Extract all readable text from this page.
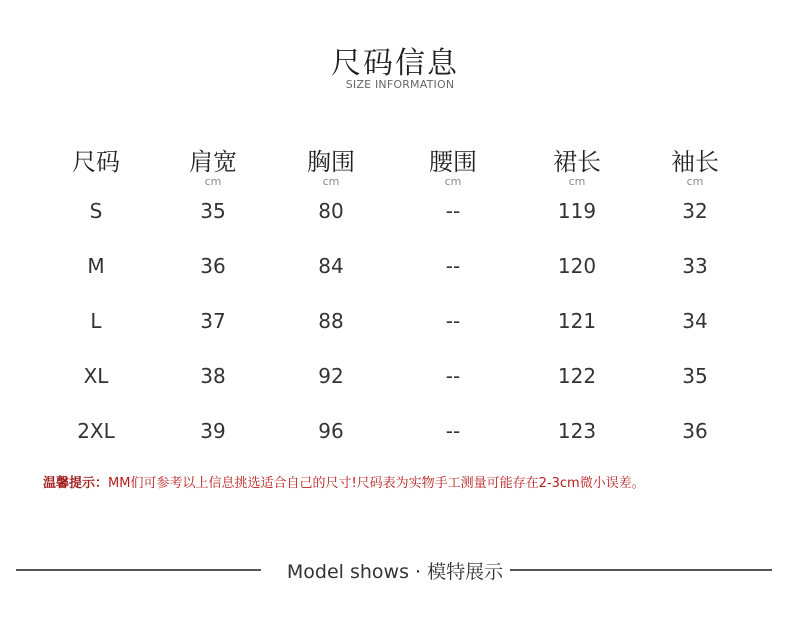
尺码信息
SIZE INFORMATION
尺码	肩宽	胸围	腰围	裙长	袖长
cm	cm	cm	cm	cm
S	35	80	--	119	32
M	36	84	--	120	33
L	37	88	--	121	34
XL	38	92	--	122	35
2XL	39	96	--	123	36
温馨提示：MM们可参考以上信息挑选适合自己的尺寸!尺码表为实物手工测量可能存在2-3cm微小误差。
Model shows · 模特展示
